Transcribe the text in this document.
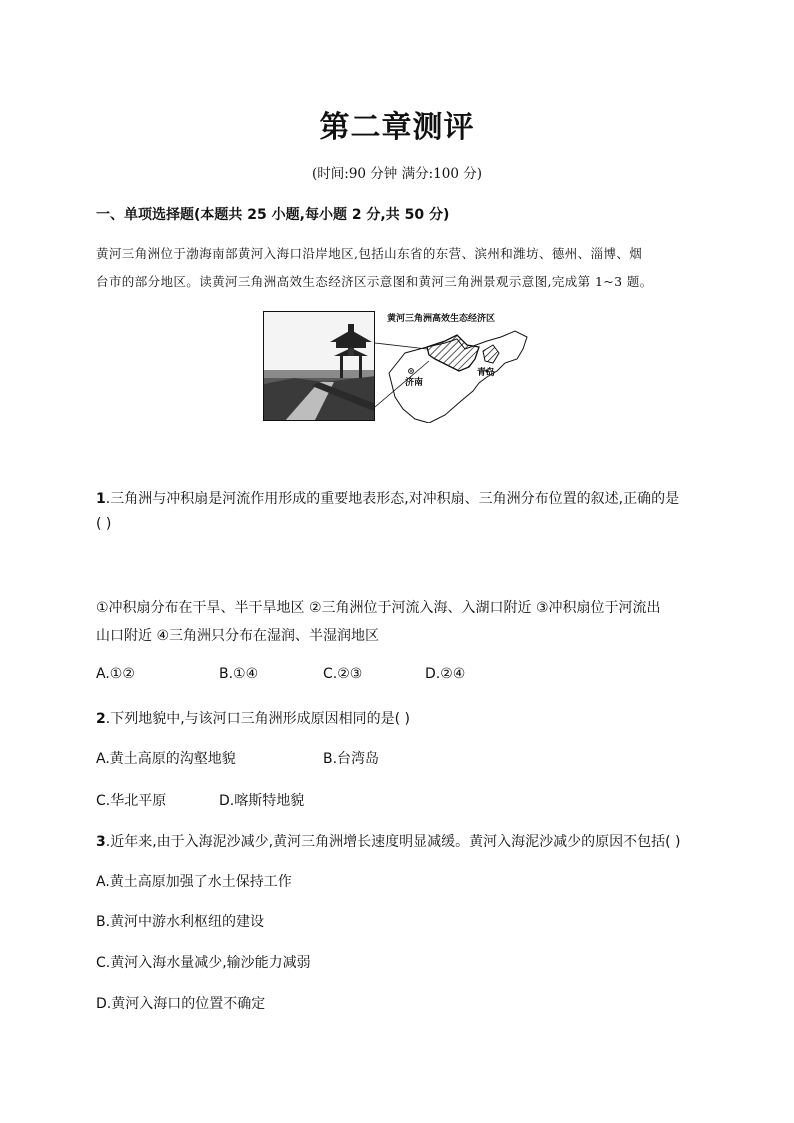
第二章测评
(时间:90 分钟 满分:100 分)
一、单项选择题(本题共 25 小题,每小题 2 分,共 50 分)
黄河三角洲位于渤海南部黄河入海口沿岸地区,包括山东省的东营、滨州和潍坊、德州、淄博、烟
台市的部分地区。读黄河三角洲高效生态经济区示意图和黄河三角洲景观示意图,完成第 1~3 题。
黄河三角洲高效生态经济区
济南
青岛
1.三角洲与冲积扇是河流作用形成的重要地表形态,对冲积扇、三角洲分布位置的叙述,正确的是
( )
①冲积扇分布在干旱、半干旱地区 ②三角洲位于河流入海、入湖口附近 ③冲积扇位于河流出
山口附近 ④三角洲只分布在湿润、半湿润地区
A.①②	B.①④	C.②③	D.②④
2.下列地貌中,与该河口三角洲形成原因相同的是( )
A.黄土高原的沟壑地貌	B.台湾岛
C.华北平原	D.喀斯特地貌
3.近年来,由于入海泥沙减少,黄河三角洲增长速度明显减缓。黄河入海泥沙减少的原因不包括( )
A.黄土高原加强了水土保持工作
B.黄河中游水利枢纽的建设
C.黄河入海水量减少,输沙能力减弱
D.黄河入海口的位置不确定
